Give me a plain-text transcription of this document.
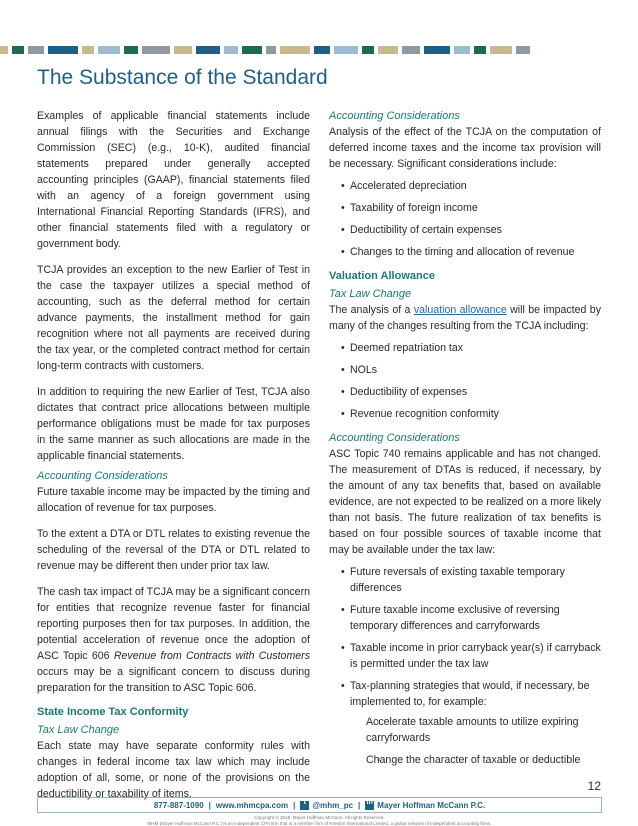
The Substance of the Standard

Examples of applicable financial statements include annual filings with the Securities and Exchange Commission (SEC) (e.g., 10-K), audited financial statements prepared under generally accepted accounting principles (GAAP), financial statements filed with an agency of a foreign government using International Financial Reporting Standards (IFRS), and other financial statements filed with a regulatory or government body.

TCJA provides an exception to the new Earlier of Test in the case the taxpayer utilizes a special method of accounting, such as the deferral method for certain advance payments, the installment method for gain recognition where not all payments are received during the tax year, or the completed contract method for certain long-term contracts with customers.

In addition to requiring the new Earlier of Test, TCJA also dictates that contract price allocations between multiple performance obligations must be made for tax purposes in the same manner as such allocations are made in the applicable financial statements.

Accounting Considerations

Future taxable income may be impacted by the timing and allocation of revenue for tax purposes.

To the extent a DTA or DTL relates to existing revenue the scheduling of the reversal of the DTA or DTL related to revenue may be different then under prior tax law.

The cash tax impact of TCJA may be a significant concern for entities that recognize revenue faster for financial reporting purposes then for tax purposes. In addition, the potential acceleration of revenue once the adoption of ASC Topic 606 Revenue from Contracts with Customers occurs may be a significant concern to discuss during preparation for the transition to ASC Topic 606.

State Income Tax Conformity
Tax Law Change

Each state may have separate conformity rules with changes in federal income tax law which may include adoption of all, some, or none of the provisions on the deductibility or taxability of items.

Accounting Considerations

Analysis of the effect of the TCJA on the computation of deferred income taxes and the income tax provision will be necessary. Significant considerations include:

• Accelerated depreciation
• Taxability of foreign income
• Deductibility of certain expenses
• Changes to the timing and allocation of revenue
Valuation Allowance
Tax Law Change

The analysis of a valuation allowance will be impacted by many of the changes resulting from the TCJA including:

• Deemed repatriation tax
• NOLs
• Deductibility of expenses
• Revenue recognition conformity
Accounting Considerations

ASC Topic 740 remains applicable and has not changed. The measurement of DTAs is reduced, if necessary, by the amount of any tax benefits that, based on available evidence, are not expected to be realized on a more likely than not basis. The future realization of tax benefits is based on four possible sources of taxable income that may be available under the tax law:

• Future reversals of existing taxable temporary differences
• Future taxable income exclusive of reversing temporary differences and carryforwards
• Taxable income in prior carryback year(s) if carryback is permitted under the tax law
• Tax-planning strategies that would, if necessary, be implemented to, for example:
◦ Accelerate taxable amounts to utilize expiring carryforwards
◦ Change the character of taxable or deductible
12
877-887-1090 | www.mhmcpa.com |	t @mhm_pc | in Mayer Hoffman McCann P.C.
Copyright © 2018. Mayer Hoffman McCann. All rights Reserved.
MHM (Mayer Hoffman McCann P.C.) is an independent CPA firm that is a member firm of Kreston International Limited, a global network of independent accounting firms.
